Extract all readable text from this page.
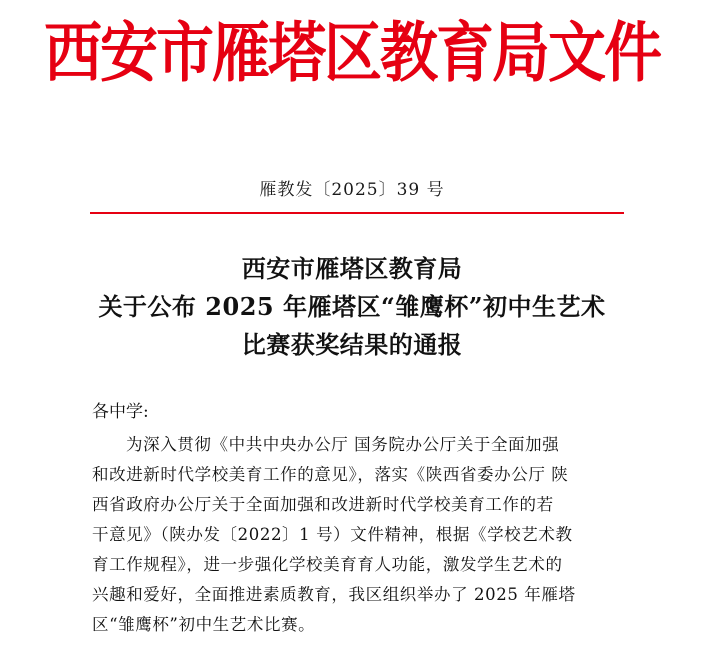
西安市雁塔区教育局文件
雁教发〔2025〕39 号
西安市雁塔区教育局
关于公布 2025 年雁塔区“雏鹰杯”初中生艺术
比赛获奖结果的通报
各中学:
为深入贯彻《中共中央办公厅 国务院办公厅关于全面加强
和改进新时代学校美育工作的意见》，落实《陕西省委办公厅 陕
西省政府办公厅关于全面加强和改进新时代学校美育工作的若
干意见》（陕办发〔2022〕1 号）文件精神，根据《学校艺术教
育工作规程》，进一步强化学校美育育人功能，激发学生艺术的
兴趣和爱好，全面推进素质教育，我区组织举办了 2025 年雁塔
区“雏鹰杯”初中生艺术比赛。
